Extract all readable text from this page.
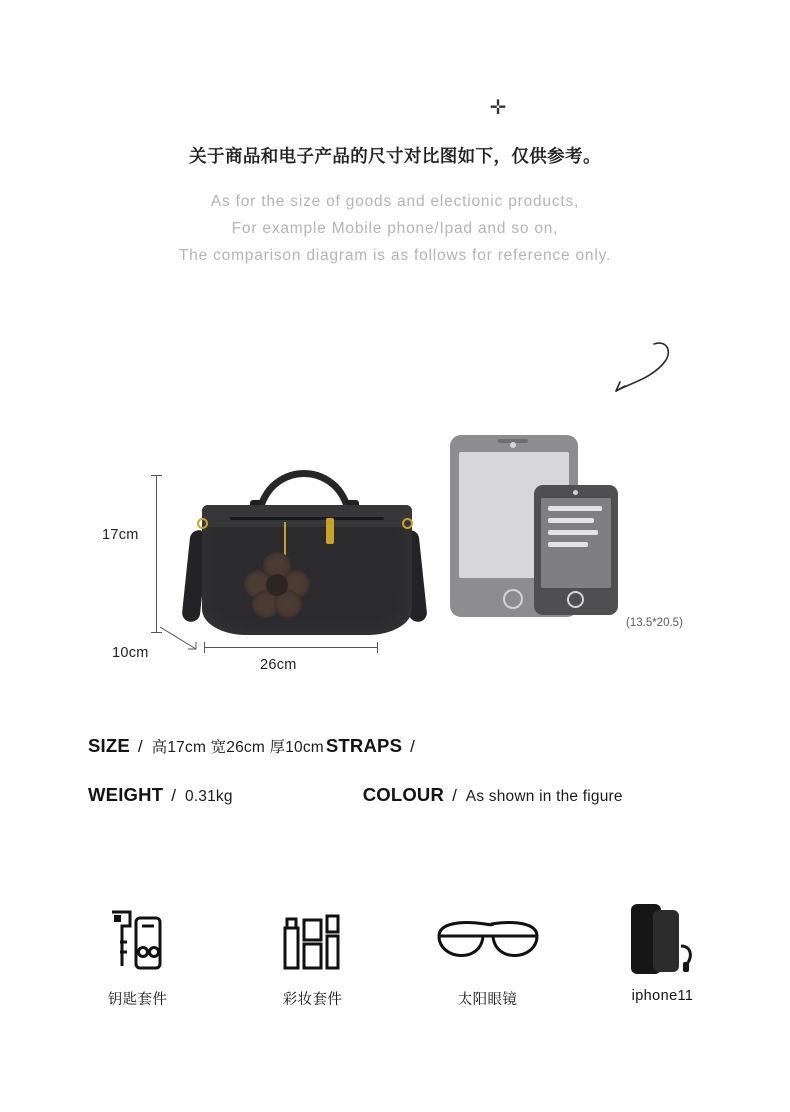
✛
关于商品和电子产品的尺寸对比图如下，仅供参考。
As for the size of goods and electionic products,
For example Mobile phone/Ipad and so on,
The comparison diagram is as follows for reference only.
17cm
10cm
26cm
(13.5*20.5)
SIZE / 高17cm 宽26cm 厚10cm STRAPS /
WEIGHT / 0.31kg	COLOUR / As shown in the figure
钥匙套件	彩妆套件	太阳眼镜	iphone11
